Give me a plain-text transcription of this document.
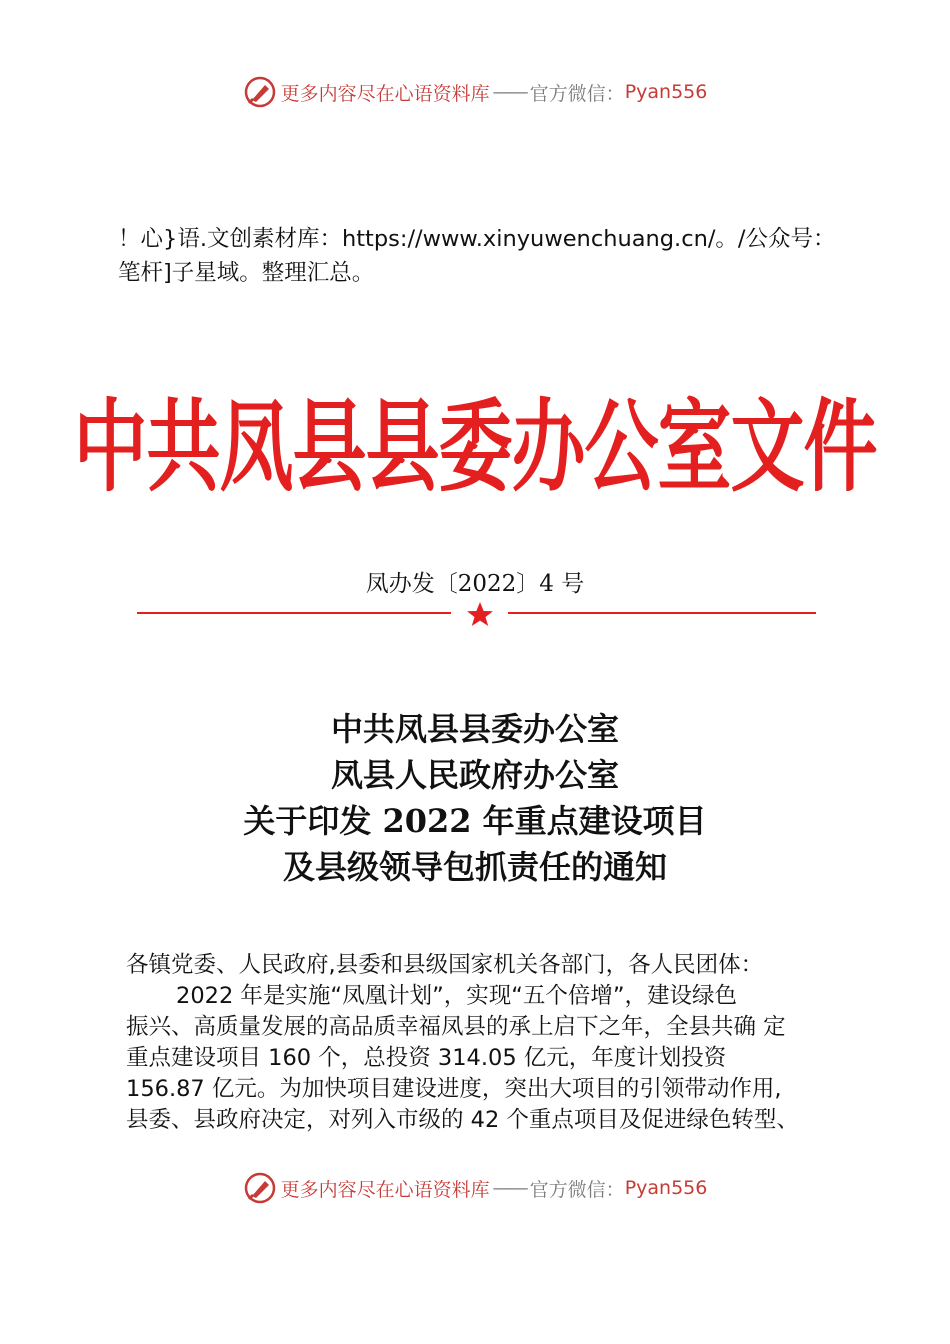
更多内容尽在心语资料库 —— 官方微信： Pyan556
！心}语.文创素材库：https://www.xinyuwenchuang.cn/。/公众号：笔杆]子星域。整理汇总。
中共凤县县委办公室文件
凤办发〔2022〕4 号
中共凤县县委办公室
凤县人民政府办公室
关于印发 2022 年重点建设项目
及县级领导包抓责任的通知
各镇党委、人民政府,县委和县级国家机关各部门，各人民团体：
2022 年是实施“凤凰计划”，实现“五个倍增”，建设绿色
振兴、高质量发展的高品质幸福凤县的承上启下之年，全县共确 定
重点建设项目 160 个，总投资 314.05 亿元，年度计划投资
156.87 亿元。为加快项目建设进度，突出大项目的引领带动作用,
县委、县政府决定，对列入市级的 42 个重点项目及促进绿色转型、
更多内容尽在心语资料库 —— 官方微信： Pyan556
